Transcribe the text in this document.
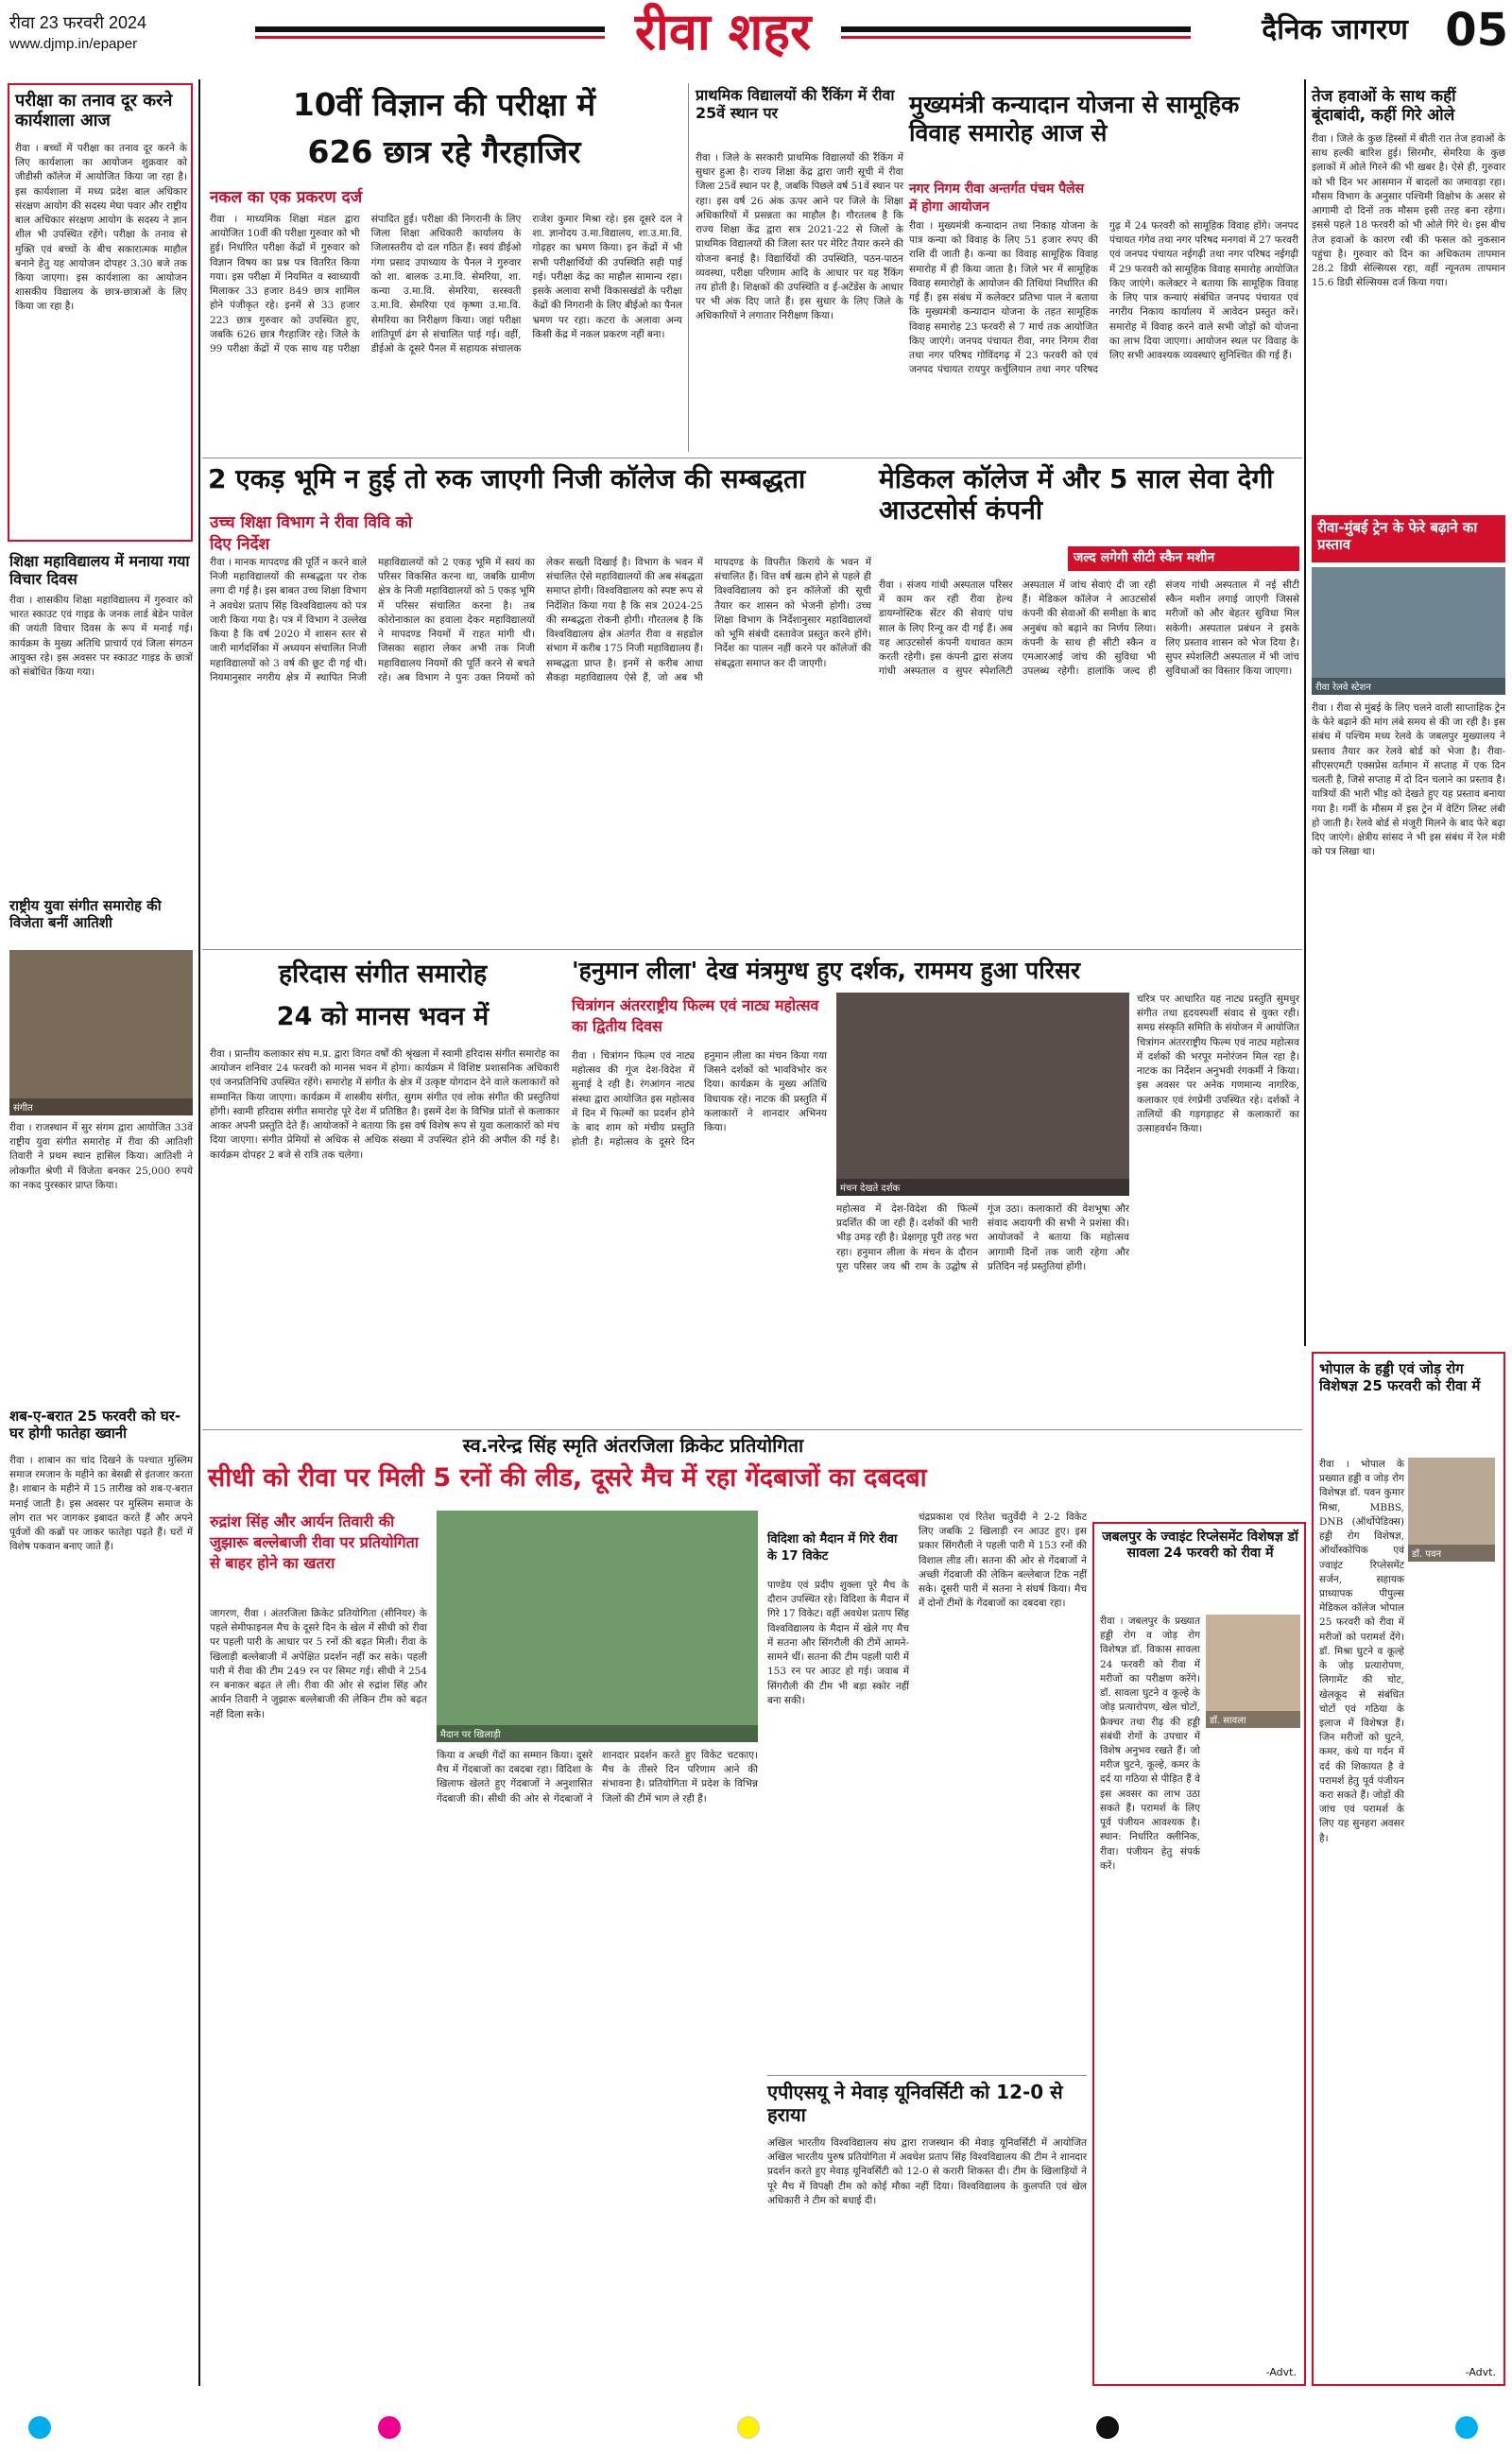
रीवा 23 फरवरी 2024
www.djmp.in/epaper	रीवा शहर	दैनिक जागरण 05
परीक्षा का तनाव दूर करने कार्यशाला आज
रीवा । बच्चों में परीक्षा का तनाव दूर करने के लिए कार्यशाला का आयोजन शुक्रवार को जीडीसी कॉलेज में आयोजित किया जा रहा है। इस कार्यशाला में मध्य प्रदेश बाल अधिकार संरक्षण आयोग की सदस्य मेघा पवार और राष्ट्रीय बाल अधिकार संरक्षण आयोग के सदस्य ने ज्ञान शील भी उपस्थित रहेंगे। परीक्षा के तनाव से मुक्ति एवं बच्चों के बीच सकारात्मक माहौल बनाने हेतु यह आयोजन दोपहर 3.30 बजे तक किया जाएगा। इस कार्यशाला का आयोजन शासकीय विद्यालय के छात्र-छात्राओं के लिए किया जा रहा है।
शिक्षा महाविद्यालय में मनाया गया विचार दिवस
रीवा । शासकीय शिक्षा महाविद्यालय में गुरुवार को भारत स्काउट एवं गाइड के जनक लार्ड बेडेन पावेल की जयंती विचार दिवस के रूप में मनाई गई। कार्यक्रम के मुख्य अतिथि प्राचार्य एवं जिला संगठन आयुक्त रहे। इस अवसर पर स्काउट गाइड के छात्रों को संबोधित किया गया।
राष्ट्रीय युवा संगीत समारोह की विजेता बनीं आतिशी
संगीत
रीवा । राजस्थान में सुर संगम द्वारा आयोजित 33वें राष्ट्रीय युवा संगीत समारोह में रीवा की आतिशी तिवारी ने प्रथम स्थान हासिल किया। आतिशी ने लोकगीत श्रेणी में विजेता बनकर 25,000 रुपये का नकद पुरस्कार प्राप्त किया।
शब-ए-बरात 25 फरवरी को घर-घर होगी फातेहा ख्वानी
रीवा । शाबान का चांद दिखने के पश्चात मुस्लिम समाज रमजान के महीने का बेसब्री से इंतजार करता है। शाबान के महीने में 15 तारीख को शब-ए-बरात मनाई जाती है। इस अवसर पर मुस्लिम समाज के लोग रात भर जागकर इबादत करते हैं और अपने पूर्वजों की कब्रों पर जाकर फातेहा पढ़ते हैं। घरों में विशेष पकवान बनाए जाते हैं।
10वीं विज्ञान की परीक्षा में
626 छात्र रहे गैरहाजिर
नकल का एक प्रकरण दर्ज
रीवा । माध्यमिक शिक्षा मंडल द्वारा आयोजित 10वीं की परीक्षा गुरुवार को भी हुई। निर्धारित परीक्षा केंद्रों में गुरुवार को विज्ञान विषय का प्रश्न पत्र वितरित किया गया। इस परीक्षा में नियमित व स्वाध्यायी मिलाकर 33 हजार 849 छात्र शामिल होने पंजीकृत रहे। इनमें से 33 हजार 223 छात्र गुरुवार को उपस्थित हुए, जबकि 626 छात्र गैरहाजिर रहे। जिले के 99 परीक्षा केंद्रों में एक साथ यह परीक्षा संपादित हुई। परीक्षा की निगरानी के लिए जिला शिक्षा अधिकारी कार्यालय के जिलास्तरीय दो दल गठित हैं। स्वयं डीईओ गंगा प्रसाद उपाध्याय के पैनल ने गुरुवार को शा. बालक उ.मा.वि. सेमरिया, शा. कन्या उ.मा.वि. सेमरिया, सरस्वती उ.मा.वि. सेमरिया एवं कृष्णा उ.मा.वि. सेमरिया का निरीक्षण किया। जहां परीक्षा शांतिपूर्ण ढंग से संचालित पाई गई। वहीं, डीईओ के दूसरे पैनल में सहायक संचालक राजेश कुमार मिश्रा रहे। इस दूसरे दल ने शा. ज्ञानोदय उ.मा.विद्यालय, शा.उ.मा.वि. गोढ़हर का भ्रमण किया। इन केंद्रों में भी सभी परीक्षार्थियों की उपस्थिति सही पाई गई। परीक्षा केंद्र का माहौल सामान्य रहा। इसके अलावा सभी विकासखंडों के परीक्षा केंद्रों की निगरानी के लिए बीईओ का पैनल भ्रमण पर रहा। कटरा के अलावा अन्य किसी केंद्र में नकल प्रकरण नहीं बना।
प्राथमिक विद्यालयों की रैंकिंग में रीवा 25वें स्थान पर
रीवा । जिले के सरकारी प्राथमिक विद्यालयों की रैंकिंग में सुधार हुआ है। राज्य शिक्षा केंद्र द्वारा जारी सूची में रीवा जिला 25वें स्थान पर है, जबकि पिछले वर्ष 51वें स्थान पर रहा। इस वर्ष 26 अंक ऊपर आने पर जिले के शिक्षा अधिकारियों में प्रसन्नता का माहौल है। गौरतलब है कि राज्य शिक्षा केंद्र द्वारा सत्र 2021-22 से जिलों के प्राथमिक विद्यालयों की जिला स्तर पर मेरिट तैयार करने की योजना बनाई है। विद्यार्थियों की उपस्थिति, पठन-पाठन व्यवस्था, परीक्षा परिणाम आदि के आधार पर यह रैंकिंग तय होती है। शिक्षकों की उपस्थिति व ई-अटेंडेंस के आधार पर भी अंक दिए जाते हैं। इस सुधार के लिए जिले के अधिकारियों ने लगातार निरीक्षण किया।
मुख्यमंत्री कन्यादान योजना से सामूहिक विवाह समारोह आज से
नगर निगम रीवा अन्तर्गत पंचम पैलेस में होगा आयोजन
रीवा । मुख्यमंत्री कन्यादान तथा निकाह योजना के पात्र कन्या को विवाह के लिए 51 हजार रुपए की राशि दी जाती है। कन्या का विवाह सामूहिक विवाह समारोह में ही किया जाता है। जिले भर में सामूहिक विवाह समारोहों के आयोजन की तिथियां निर्धारित की गई हैं। इस संबंध में कलेक्टर प्रतिभा पाल ने बताया कि मुख्यमंत्री कन्यादान योजना के तहत सामूहिक विवाह समारोह 23 फरवरी से 7 मार्च तक आयोजित किए जाएंगे। जनपद पंचायत रीवा, नगर निगम रीवा तथा नगर परिषद गोविंदगढ़ में 23 फरवरी को एवं जनपद पंचायत रायपुर कर्चुलियान तथा नगर परिषद गुढ़ में 24 फरवरी को सामूहिक विवाह होंगे। जनपद पंचायत गंगेव तथा नगर परिषद मनगवां में 27 फरवरी एवं जनपद पंचायत नईगढ़ी तथा नगर परिषद नईगढ़ी में 29 फरवरी को सामूहिक विवाह समारोह आयोजित किए जाएंगे। कलेक्टर ने बताया कि सामूहिक विवाह के लिए पात्र कन्याएं संबंधित जनपद पंचायत एवं नगरीय निकाय कार्यालय में आवेदन प्रस्तुत करें। समारोह में विवाह करने वाले सभी जोड़ों को योजना का लाभ दिया जाएगा। आयोजन स्थल पर विवाह के लिए सभी आवश्यक व्यवस्थाएं सुनिश्चित की गई हैं।
तेज हवाओं के साथ कहीं बूंदाबांदी, कहीं गिरे ओले
रीवा । जिले के कुछ हिस्सों में बीती रात तेज हवाओं के साथ हल्की बारिश हुई। सिरमौर, सेमरिया के कुछ इलाकों में ओले गिरने की भी खबर है। ऐसे ही, गुरुवार को भी दिन भर आसमान में बादलों का जमावड़ा रहा। मौसम विभाग के अनुसार पश्चिमी विक्षोभ के असर से आगामी दो दिनों तक मौसम इसी तरह बना रहेगा। इससे पहले 18 फरवरी को भी ओले गिरे थे। इस बीच तेज हवाओं के कारण रबी की फसल को नुकसान पहुंचा है। गुरुवार को दिन का अधिकतम तापमान 28.2 डिग्री सेल्सियस रहा, वहीं न्यूनतम तापमान 15.6 डिग्री सेल्सियस दर्ज किया गया।
2 एकड़ भूमि न हुई तो रुक जाएगी निजी कॉलेज की सम्बद्धता
उच्च शिक्षा विभाग ने रीवा विवि को दिए निर्देश
रीवा । मानक मापदण्ड की पूर्ति न करने वाले निजी महाविद्यालयों की सम्बद्धता पर रोक लगा दी गई है। इस बाबत उच्च शिक्षा विभाग ने अवधेश प्रताप सिंह विश्वविद्यालय को पत्र जारी किया गया है। पत्र में विभाग ने उल्लेख किया है कि वर्ष 2020 में शासन स्तर से जारी मार्गदर्शिका में अध्ययन संचालित निजी महाविद्यालयों को 3 वर्ष की छूट दी गई थी। नियमानुसार नगरीय क्षेत्र में स्थापित निजी महाविद्यालयों को 2 एकड़ भूमि में स्वयं का परिसर विकसित करना था, जबकि ग्रामीण क्षेत्र के निजी महाविद्यालयों को 5 एकड़ भूमि में परिसर संचालित करना है। तब कोरोनाकाल का हवाला देकर महाविद्यालयों ने मापदण्ड नियमों में राहत मांगी थी। जिसका सहारा लेकर अभी तक निजी महाविद्यालय नियमों की पूर्ति करने से बचते रहे। अब विभाग ने पुनः उक्त नियमों को लेकर सख्ती दिखाई है। विभाग के भवन में संचालित ऐसे महाविद्यालयों की अब संबद्धता समाप्त होगी। विश्वविद्यालय को स्पष्ट रूप से निर्देशित किया गया है कि सत्र 2024-25 की सम्बद्धता रोकनी होगी। गौरतलब है कि विश्वविद्यालय क्षेत्र अंतर्गत रीवा व सहडोल संभाग में करीब 175 निजी महाविद्यालय हैं। सम्बद्धता प्राप्त है। इनमें से करीब आधा सैकड़ा महाविद्यालय ऐसे हैं, जो अब भी मापदण्ड के विपरीत किराये के भवन में संचालित हैं। वित्त वर्ष खत्म होने से पहले ही विश्वविद्यालय को इन कॉलेजों की सूची तैयार कर शासन को भेजनी होगी। उच्च शिक्षा विभाग के निर्देशानुसार महाविद्यालयों को भूमि संबंधी दस्तावेज प्रस्तुत करने होंगे। निर्देश का पालन नहीं करने पर कॉलेजों की संबद्धता समाप्त कर दी जाएगी।
मेडिकल कॉलेज में और 5 साल सेवा देगी आउटसोर्स कंपनी
जल्द लगेगी सीटी स्कैन मशीन
रीवा । संजय गांधी अस्पताल परिसर में काम कर रही रीवा हेल्थ डायग्नोस्टिक सेंटर की सेवाएं पांच साल के लिए रिन्यू कर दी गई हैं। अब यह आउटसोर्स कंपनी यथावत काम करती रहेगी। इस कंपनी द्वारा संजय गांधी अस्पताल व सुपर स्पेशलिटी अस्पताल में जांच सेवाएं दी जा रही हैं। मेडिकल कॉलेज ने आउटसोर्स कंपनी की सेवाओं की समीक्षा के बाद अनुबंध को बढ़ाने का निर्णय लिया। कंपनी के साथ ही सीटी स्कैन व एमआरआई जांच की सुविधा भी उपलब्ध रहेगी। हालांकि जल्द ही संजय गांधी अस्पताल में नई सीटी स्कैन मशीन लगाई जाएगी जिससे मरीजों को और बेहतर सुविधा मिल सकेगी। अस्पताल प्रबंधन ने इसके लिए प्रस्ताव शासन को भेज दिया है। सुपर स्पेशलिटी अस्पताल में भी जांच सुविधाओं का विस्तार किया जाएगा।
रीवा-मुंबई ट्रेन के फेरे बढ़ाने का प्रस्ताव
रीवा रेलवे स्टेशन
रीवा । रीवा से मुंबई के लिए चलने वाली साप्ताहिक ट्रेन के फेरे बढ़ाने की मांग लंबे समय से की जा रही है। इस संबंध में पश्चिम मध्य रेलवे के जबलपुर मुख्यालय ने प्रस्ताव तैयार कर रेलवे बोर्ड को भेजा है। रीवा-सीएसएमटी एक्सप्रेस वर्तमान में सप्ताह में एक दिन चलती है, जिसे सप्ताह में दो दिन चलाने का प्रस्ताव है। यात्रियों की भारी भीड़ को देखते हुए यह प्रस्ताव बनाया गया है। गर्मी के मौसम में इस ट्रेन में वेटिंग लिस्ट लंबी हो जाती है। रेलवे बोर्ड से मंजूरी मिलने के बाद फेरे बढ़ा दिए जाएंगे। क्षेत्रीय सांसद ने भी इस संबंध में रेल मंत्री को पत्र लिखा था।
हरिदास संगीत समारोह
24 को मानस भवन में
रीवा । प्रान्तीय कलाकार संघ म.प्र. द्वारा विगत वर्षों की श्रृंखला में स्वामी हरिदास संगीत समारोह का आयोजन शनिवार 24 फरवरी को मानस भवन में होगा। कार्यक्रम में विशिष्ट प्रशासनिक अधिकारी एवं जनप्रतिनिधि उपस्थित रहेंगे। समारोह में संगीत के क्षेत्र में उत्कृष्ट योगदान देने वाले कलाकारों को सम्मानित किया जाएगा। कार्यक्रम में शास्त्रीय संगीत, सुगम संगीत एवं लोक संगीत की प्रस्तुतियां होंगी। स्वामी हरिदास संगीत समारोह पूरे देश में प्रतिष्ठित है। इसमें देश के विभिन्न प्रांतों से कलाकार आकर अपनी प्रस्तुति देते हैं। आयोजकों ने बताया कि इस वर्ष विशेष रूप से युवा कलाकारों को मंच दिया जाएगा। संगीत प्रेमियों से अधिक से अधिक संख्या में उपस्थित होने की अपील की गई है। कार्यक्रम दोपहर 2 बजे से रात्रि तक चलेगा।
'हनुमान लीला' देख मंत्रमुग्ध हुए दर्शक, राममय हुआ परिसर
चित्रांगन अंतरराष्ट्रीय फिल्म एवं नाट्य महोत्सव का द्वितीय दिवस
रीवा । चित्रांगन फिल्म एवं नाट्य महोत्सव की गूंज देश-विदेश में सुनाई दे रही है। रंगआंगन नाट्य संस्था द्वारा आयोजित इस महोत्सव में दिन में फिल्मों का प्रदर्शन होने के बाद शाम को मंचीय प्रस्तुति होती है। महोत्सव के दूसरे दिन हनुमान लीला का मंचन किया गया जिसने दर्शकों को भावविभोर कर दिया। कार्यक्रम के मुख्य अतिथि विधायक रहे। नाटक की प्रस्तुति में कलाकारों ने शानदार अभिनय किया।
मंचन देखते दर्शक
महोत्सव में देश-विदेश की फिल्में प्रदर्शित की जा रही हैं। दर्शकों की भारी भीड़ उमड़ रही है। प्रेक्षागृह पूरी तरह भरा रहा। हनुमान लीला के मंचन के दौरान पूरा परिसर जय श्री राम के उद्घोष से गूंज उठा। कलाकारों की वेशभूषा और संवाद अदायगी की सभी ने प्रशंसा की। आयोजकों ने बताया कि महोत्सव आगामी दिनों तक जारी रहेगा और प्रतिदिन नई प्रस्तुतियां होंगी।
चरित्र पर आधारित यह नाट्य प्रस्तुति सुमधुर संगीत तथा हृदयस्पर्शी संवाद से युक्त रही। समग्र संस्कृति समिति के संयोजन में आयोजित चित्रांगन अंतरराष्ट्रीय फिल्म एवं नाट्य महोत्सव में दर्शकों की भरपूर मनोरंजन मिल रहा है। नाटक का निर्देशन अनुभवी रंगकर्मी ने किया। इस अवसर पर अनेक गणमान्य नागरिक, कलाकार एवं रंगप्रेमी उपस्थित रहे। दर्शकों ने तालियों की गड़गड़ाहट से कलाकारों का उत्साहवर्धन किया।
भोपाल के हड्डी एवं जोड़ रोग विशेषज्ञ 25 फरवरी को रीवा में
डॉ. पवन
रीवा । भोपाल के प्रख्यात हड्डी व जोड़ रोग विशेषज्ञ डॉ. पवन कुमार मिश्रा, MBBS, DNB (ऑर्थोपेडिक्स) हड्डी रोग विशेषज्ञ, ऑर्थोस्कोपिक एवं ज्वाइंट रिप्लेसमेंट सर्जन, सहायक प्राध्यापक पीपुल्स मेडिकल कॉलेज भोपाल 25 फरवरी को रीवा में मरीजों को परामर्श देंगे। डॉ. मिश्रा घुटने व कूल्हे के जोड़ प्रत्यारोपण, लिगामेंट की चोट, खेलकूद से संबंधित चोटों एवं गठिया के इलाज में विशेषज्ञ हैं। जिन मरीजों को घुटने, कमर, कंधे या गर्दन में दर्द की शिकायत है वे परामर्श हेतु पूर्व पंजीयन करा सकते हैं। जोड़ों की जांच एवं परामर्श के लिए यह सुनहरा अवसर है।
-Advt.
स्व.नरेन्द्र सिंह स्मृति अंतरजिला क्रिकेट प्रतियोगिता
सीधी को रीवा पर मिली 5 रनों की लीड, दूसरे मैच में रहा गेंदबाजों का दबदबा
रुद्रांश सिंह और आर्यन तिवारी की जुझारू बल्लेबाजी रीवा पर प्रतियोगिता से बाहर होने का खतरा
जागरण, रीवा । अंतरजिला क्रिकेट प्रतियोगिता (सीनियर) के पहले सेमीफाइनल मैच के दूसरे दिन के खेल में सीधी को रीवा पर पहली पारी के आधार पर 5 रनों की बढ़त मिली। रीवा के खिलाड़ी बल्लेबाजी में अपेक्षित प्रदर्शन नहीं कर सके। पहली पारी में रीवा की टीम 249 रन पर सिमट गई। सीधी ने 254 रन बनाकर बढ़त ले ली। रीवा की ओर से रुद्रांश सिंह और आर्यन तिवारी ने जुझारू बल्लेबाजी की लेकिन टीम को बढ़त नहीं दिला सके।
मैदान पर खिलाड़ी
किया व अच्छी गेंदों का सम्मान किया। दूसरे मैच में गेंदबाजों का दबदबा रहा। विदिशा के खिलाफ खेलते हुए गेंदबाजों ने अनुशासित गेंदबाजी की। सीधी की ओर से गेंदबाजों ने शानदार प्रदर्शन करते हुए विकेट चटकाए। मैच के तीसरे दिन परिणाम आने की संभावना है। प्रतियोगिता में प्रदेश के विभिन्न जिलों की टीमें भाग ले रही हैं।
विदिशा को मैदान में गिरे रीवा के 17 विकेट
पाण्डेय एवं प्रदीप शुक्ला पूरे मैच के दौरान उपस्थित रहे। विदिशा के मैदान में गिरे 17 विकेट। वहीं अवधेश प्रताप सिंह विश्वविद्यालय के मैदान में खेले गए मैच में सतना और सिंगरौली की टीमें आमने-सामने थीं। सतना की टीम पहली पारी में 153 रन पर आउट हो गई। जवाब में सिंगरौली की टीम भी बड़ा स्कोर नहीं बना सकी।
चंद्रप्रकाश एवं रितेश चतुर्वेदी ने 2-2 विकेट लिए जबकि 2 खिलाड़ी रन आउट हुए। इस प्रकार सिंगरौली ने पहली पारी में 153 रनों की विशाल लीड ली। सतना की ओर से गेंदबाजों ने अच्छी गेंदबाजी की लेकिन बल्लेबाज टिक नहीं सके। दूसरी पारी में सतना ने संघर्ष किया। मैच में दोनों टीमों के गेंदबाजों का दबदबा रहा।
एपीएसयू ने मेवाड़ यूनिवर्सिटी को 12-0 से हराया
अखिल भारतीय विश्वविद्यालय संघ द्वारा राजस्थान की मेवाड़ यूनिवर्सिटी में आयोजित अखिल भारतीय पुरुष प्रतियोगिता में अवधेश प्रताप सिंह विश्वविद्यालय की टीम ने शानदार प्रदर्शन करते हुए मेवाड़ यूनिवर्सिटी को 12-0 से करारी शिकस्त दी। टीम के खिलाड़ियों ने पूरे मैच में विपक्षी टीम को कोई मौका नहीं दिया। विश्वविद्यालय के कुलपति एवं खेल अधिकारी ने टीम को बधाई दी।
जबलपुर के ज्वाइंट रिप्लेसमेंट विशेषज्ञ डॉ सावला 24 फरवरी को रीवा में
डॉ. सावला
रीवा । जबलपुर के प्रख्यात हड्डी रोग व जोड़ रोग विशेषज्ञ डॉ. विकास सावला 24 फरवरी को रीवा में मरीजों का परीक्षण करेंगे। डॉ. सावला घुटने व कूल्हे के जोड़ प्रत्यारोपण, खेल चोटों, फ्रैक्चर तथा रीढ़ की हड्डी संबंधी रोगों के उपचार में विशेष अनुभव रखते हैं। जो मरीज घुटने, कूल्हे, कमर के दर्द या गठिया से पीड़ित हैं वे इस अवसर का लाभ उठा सकते हैं। परामर्श के लिए पूर्व पंजीयन आवश्यक है। स्थान: निर्धारित क्लीनिक, रीवा। पंजीयन हेतु संपर्क करें।
-Advt.
